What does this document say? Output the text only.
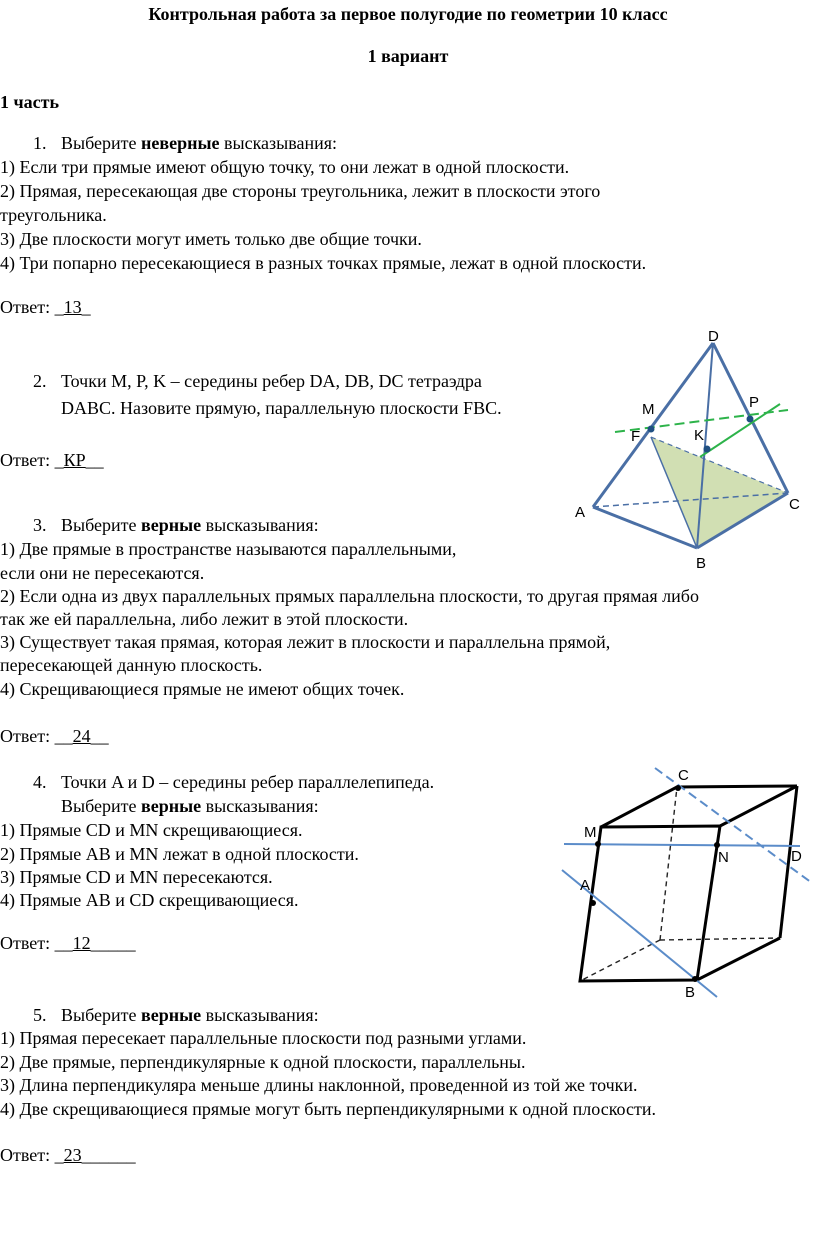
Контрольная работа за первое полугодие по геометрии 10 класс
1 вариант
1 часть
1. Выберите неверные высказывания:
1) Если три прямые имеют общую точку, то они лежат в одной плоскости.
2) Прямая, пересекающая две стороны треугольника, лежит в плоскости этого
треугольника.
3) Две плоскости могут иметь только две общие точки.
4) Три попарно пересекающиеся в разных точках прямые, лежат в одной плоскости.
Ответ: _13_
2. Точки M, P, K – середины ребер DA, DB, DC тетраэдра
DABC. Назовите прямую, параллельную плоскости FBC.
Ответ: _КР__
D
M	P
F	K
A	C
B
3. Выберите верные высказывания:
1) Две прямые в пространстве называются параллельными,
если они не пересекаются.
2) Если одна из двух параллельных прямых параллельна плоскости, то другая прямая либо
так же ей параллельна, либо лежит в этой плоскости.
3) Существует такая прямая, которая лежит в плоскости и параллельна прямой,
пересекающей данную плоскость.
4) Скрещивающиеся прямые не имеют общих точек.
Ответ: __24__
4. Точки A и D – середины ребер параллелепипеда.
Выберите верные высказывания:
1) Прямые CD и MN скрещивающиеся.
2) Прямые AB и MN лежат в одной плоскости.
3) Прямые CD и MN пересекаются.
4) Прямые AB и CD скрещивающиеся.
Ответ: __12_____
C
M
N	D
A
B
5. Выберите верные высказывания:
1) Прямая пересекает параллельные плоскости под разными углами.
2) Две прямые, перпендикулярные к одной плоскости, параллельны.
3) Длина перпендикуляра меньше длины наклонной, проведенной из той же точки.
4) Две скрещивающиеся прямые могут быть перпендикулярными к одной плоскости.
Ответ: _23______
